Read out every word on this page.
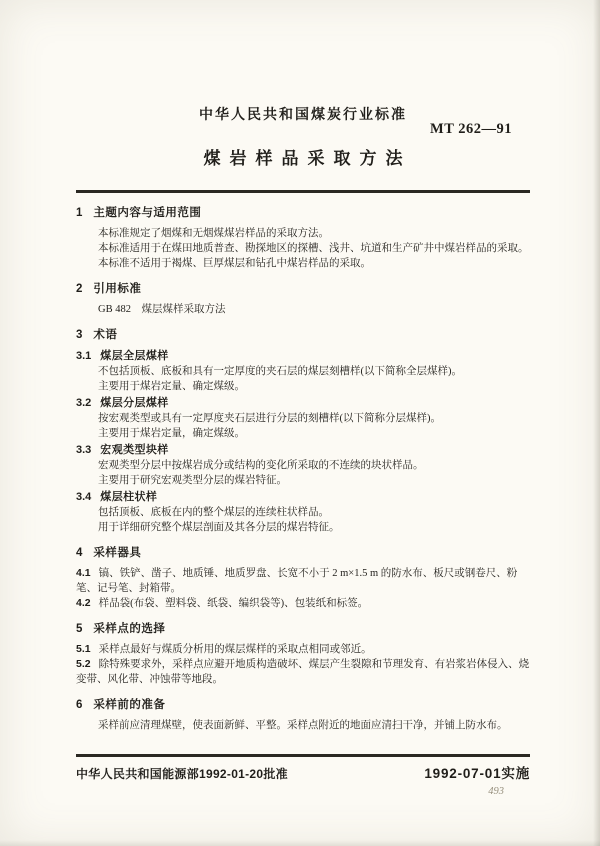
MT 262—91

中华人民共和国煤炭行业标准

煤岩样品采取方法
1 主题内容与适用范围

本标准规定了烟煤和无烟煤煤岩样品的采取方法。

本标准适用于在煤田地质普查、勘探地区的探槽、浅井、坑道和生产矿井中煤岩样品的采取。

本标准不适用于褐煤、巨厚煤层和钻孔中煤岩样品的采取。

2 引用标准

GB 482　煤层煤样采取方法

3 术语
3.1 煤层全层煤样

不包括顶板、底板和具有一定厚度的夹石层的煤层刻槽样(以下简称全层煤样)。

主要用于煤岩定量、确定煤级。

3.2 煤层分层煤样

按宏观类型或具有一定厚度夹石层进行分层的刻槽样(以下简称分层煤样)。

主要用于煤岩定量，确定煤级。

3.3 宏观类型块样

宏观类型分层中按煤岩成分或结构的变化所采取的不连续的块状样品。

主要用于研究宏观类型分层的煤岩特征。

3.4 煤层柱状样

包括顶板、底板在内的整个煤层的连续柱状样品。

用于详细研究整个煤层剖面及其各分层的煤岩特征。

4 采样器具

4.1 镐、铁铲、凿子、地质锤、地质罗盘、长宽不小于 2 m×1.5 m 的防水布、板尺或钢卷尺、粉笔、记号笔、封箱带。

4.2 样品袋(布袋、塑料袋、纸袋、编织袋等)、包装纸和标签。

5 采样点的选择

5.1 采样点最好与煤质分析用的煤层煤样的采取点相同或邻近。

5.2 除特殊要求外，采样点应避开地质构造破坏、煤层产生裂隙和节理发育、有岩浆岩体侵入、烧变带、风化带、冲蚀带等地段。

6 采样前的准备

采样前应清理煤壁，使表面新鲜、平整。采样点附近的地面应清扫干净，并铺上防水布。

中华人民共和国能源部1992-01-20批准	1992-07-01实施
493
